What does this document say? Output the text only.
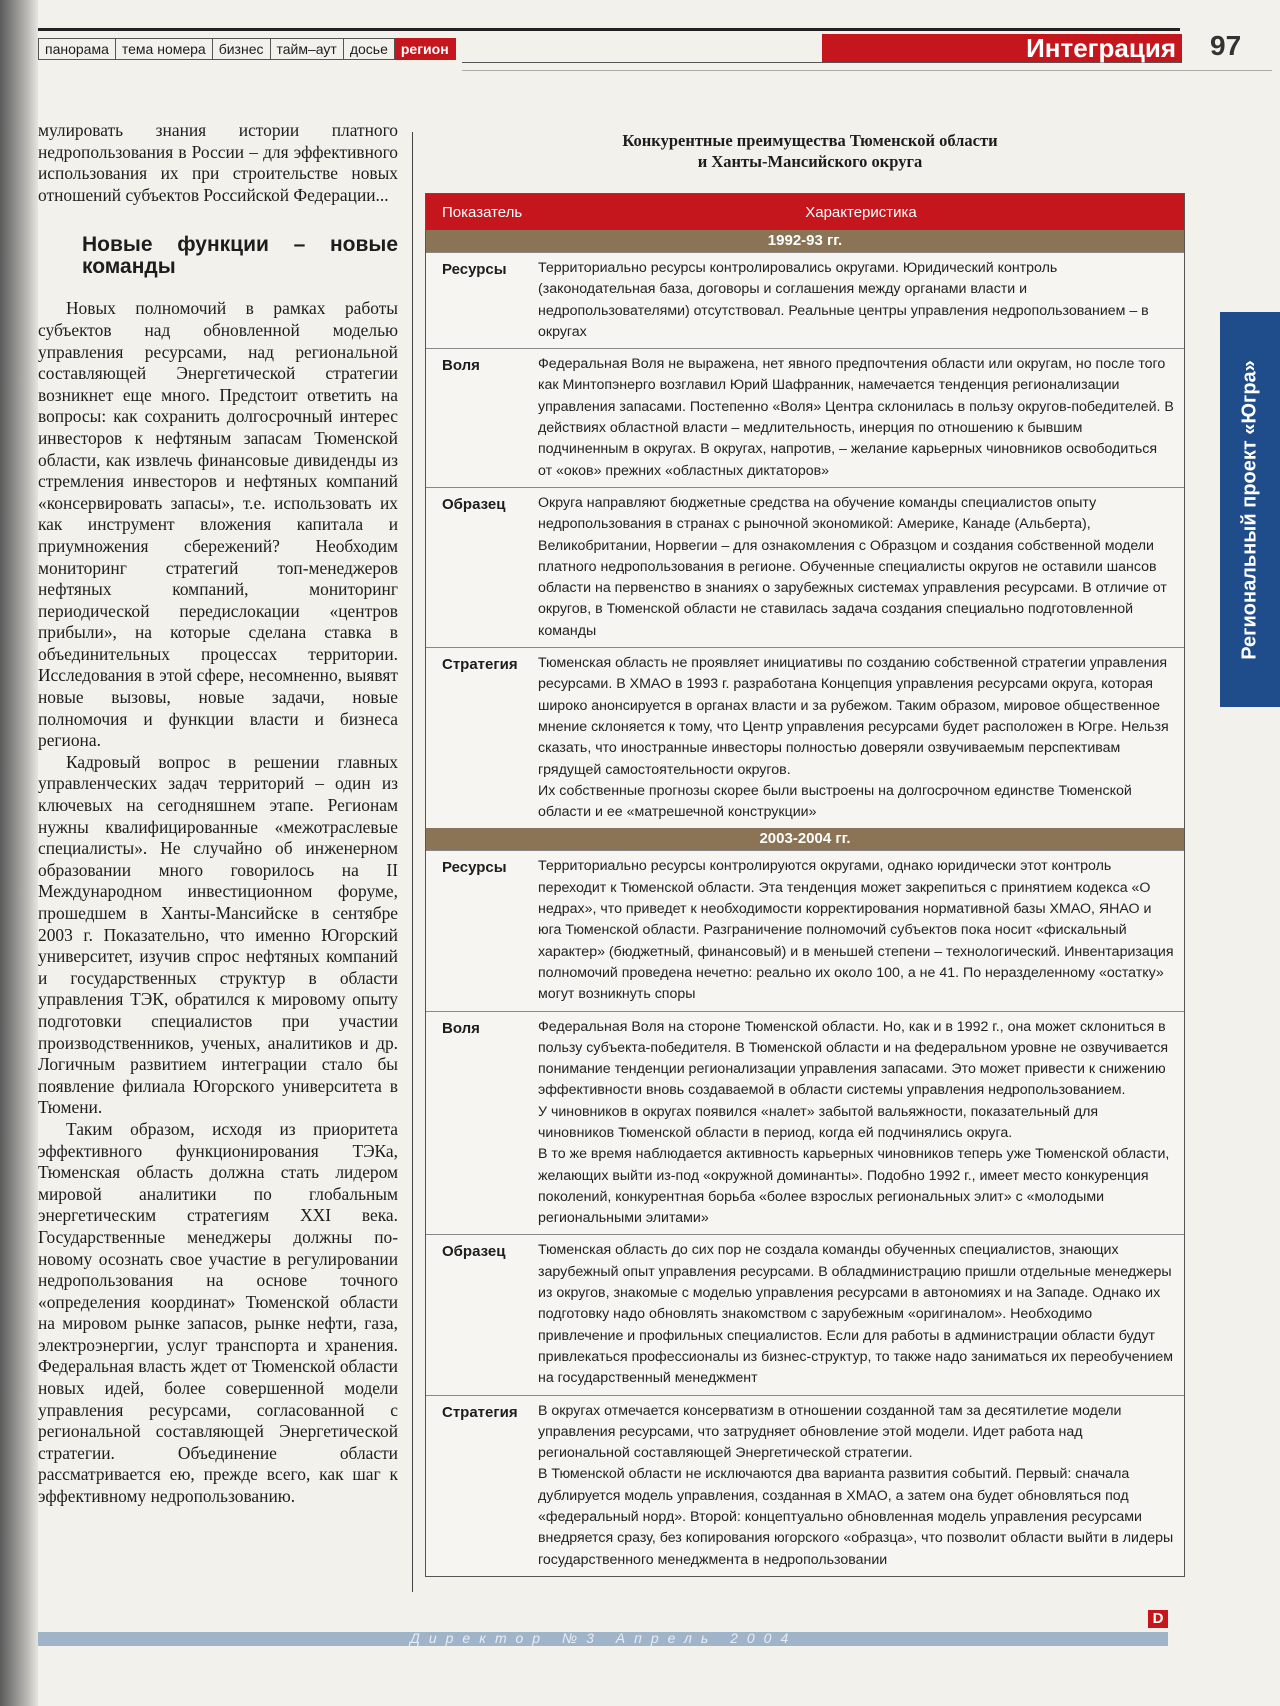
панорама тема номера бизнес тайм–аут досье регион	Интеграция 97

мулировать знания истории платного недропользования в России – для эффективного использования их при строительстве новых отношений субъектов Российской Федерации...

Новые функции – новые команды

Новых полномочий в рамках работы субъектов над обновленной моделью управления ресурсами, над региональной составляющей Энергетической стратегии возникнет еще много. Предстоит ответить на вопросы: как сохранить долгосрочный интерес инвесторов к нефтяным запасам Тюменской области, как извлечь финансовые дивиденды из стремления инвесторов и нефтяных компаний «консервировать запасы», т.е. использовать их как инструмент вложения капитала и приумножения сбережений? Необходим мониторинг стратегий топ-менеджеров нефтяных компаний, мониторинг периодической передислокации «центров прибыли», на которые сделана ставка в объединительных процессах территории. Исследования в этой сфере, несомненно, выявят новые вызовы, новые задачи, новые полномочия и функции власти и бизнеса региона.

Кадровый вопрос в решении главных управленческих задач территорий – один из ключевых на сегодняшнем этапе. Регионам нужны квалифицированные «межотраслевые специалисты». Не случайно об инженерном образовании много говорилось на II Международном инвестиционном форуме, прошедшем в Ханты-Мансийске в сентябре 2003 г. Показательно, что именно Югорский университет, изучив спрос нефтяных компаний и государственных структур в области управления ТЭК, обратился к мировому опыту подготовки специалистов при участии производственников, ученых, аналитиков и др. Логичным развитием интеграции стало бы появление филиала Югорского университета в Тюмени.

Таким образом, исходя из приоритета эффективного функционирования ТЭКа, Тюменская область должна стать лидером мировой аналитики по глобальным энергетическим стратегиям XXI века. Государственные менеджеры должны по-новому осознать свое участие в регулировании недропользования на основе точного «определения координат» Тюменской области на мировом рынке запасов, рынке нефти, газа, электроэнергии, услуг транспорта и хранения. Федеральная власть ждет от Тюменской области новых идей, более совершенной модели управления ресурсами, согласованной с региональной составляющей Энергетической стратегии. Объединение области рассматривается ею, прежде всего, как шаг к эффективному недропользованию.

Конкурентные преимущества Тюменской области
и Ханты-Мансийского округа
Показатель	Характеристика
1992-93 гг.
Ресурсы	Территориально ресурсы контролировались округами. Юридический контроль (законодательная база, договоры и соглашения между органами власти и недропользователями) отсутствовал. Реальные центры управления недропользованием – в округах
Воля	Федеральная Воля не выражена, нет явного предпочтения области или округам, но после того как Минтопэнерго возглавил Юрий Шафранник, намечается тенденция регионализации управления запасами. Постепенно «Воля» Центра склонилась в пользу округов-победителей. В действиях областной власти – медлительность, инерция по отношению к бывшим подчиненным в округах. В округах, напротив, – желание карьерных чиновников освободиться от «оков» прежних «областных диктаторов»
Образец	Округа направляют бюджетные средства на обучение команды специалистов опыту недропользования в странах с рыночной экономикой: Америке, Канаде (Альберта), Великобритании, Норвегии – для ознакомления с Образцом и создания собственной модели платного недропользования в регионе. Обученные специалисты округов не оставили шансов области на первенство в знаниях о зарубежных системах управления ресурсами. В отличие от округов, в Тюменской области не ставилась задача создания специально подготовленной команды
Стратегия	Тюменская область не проявляет инициативы по созданию собственной стратегии управления ресурсами. В ХМАО в 1993 г. разработана Концепция управления ресурсами округа, которая широко анонсируется в органах власти и за рубежом. Таким образом, мировое общественное мнение склоняется к тому, что Центр управления ресурсами будет расположен в Югре. Нельзя сказать, что иностранные инвесторы полностью доверяли озвучиваемым перспективам грядущей самостоятельности округов.
Их собственные прогнозы скорее были выстроены на долгосрочном единстве Тюменской области и ее «матрешечной конструкции»
2003-2004 гг.
Ресурсы	Территориально ресурсы контролируются округами, однако юридически этот контроль переходит к Тюменской области. Эта тенденция может закрепиться с принятием кодекса «О недрах», что приведет к необходимости корректирования нормативной базы ХМАО, ЯНАО и юга Тюменской области. Разграничение полномочий субъектов пока носит «фискальный характер» (бюджетный, финансовый) и в меньшей степени – технологический. Инвентаризация полномочий проведена нечетно: реально их около 100, а не 41. По неразделенному «остатку» могут возникнуть споры
Воля	Федеральная Воля на стороне Тюменской области. Но, как и в 1992 г., она может склониться в пользу субъекта-победителя. В Тюменской области и на федеральном уровне не озвучивается понимание тенденции регионализации управления запасами. Это может привести к снижению эффективности вновь создаваемой в области системы управления недропользованием.
У чиновников в округах появился «налет» забытой вальяжности, показательный для чиновников Тюменской области в период, когда ей подчинялись округа.
В то же время наблюдается активность карьерных чиновников теперь уже Тюменской области, желающих выйти из-под «окружной доминанты». Подобно 1992 г., имеет место конкуренция поколений, конкурентная борьба «более взрослых региональных элит» с «молодыми региональными элитами»
Образец	Тюменская область до сих пор не создала команды обученных специалистов, знающих зарубежный опыт управления ресурсами. В обладминистрацию пришли отдельные менеджеры из округов, знакомые с моделью управления ресурсами в автономиях и на Западе. Однако их подготовку надо обновлять знакомством с зарубежным «оригиналом». Необходимо привлечение и профильных специалистов. Если для работы в администрации области будут привлекаться профессионалы из бизнес-структур, то также надо заниматься их переобучением на государственный менеджмент
Стратегия	В округах отмечается консерватизм в отношении созданной там за десятилетие модели управления ресурсами, что затрудняет обновление этой модели. Идет работа над региональной составляющей Энергетической стратегии.
В Тюменской области не исключаются два варианта развития событий. Первый: сначала дублируется модель управления, созданная в ХМАО, а затем она будет обновляться под «федеральный норд». Второй: концептуально обновленная модель управления ресурсами внедряется сразу, без копирования югорского «образца», что позволит области выйти в лидеры государственного менеджмента в недропользовании
Региональный проект «Югра»
Директор №3 Апрель 2004
D
